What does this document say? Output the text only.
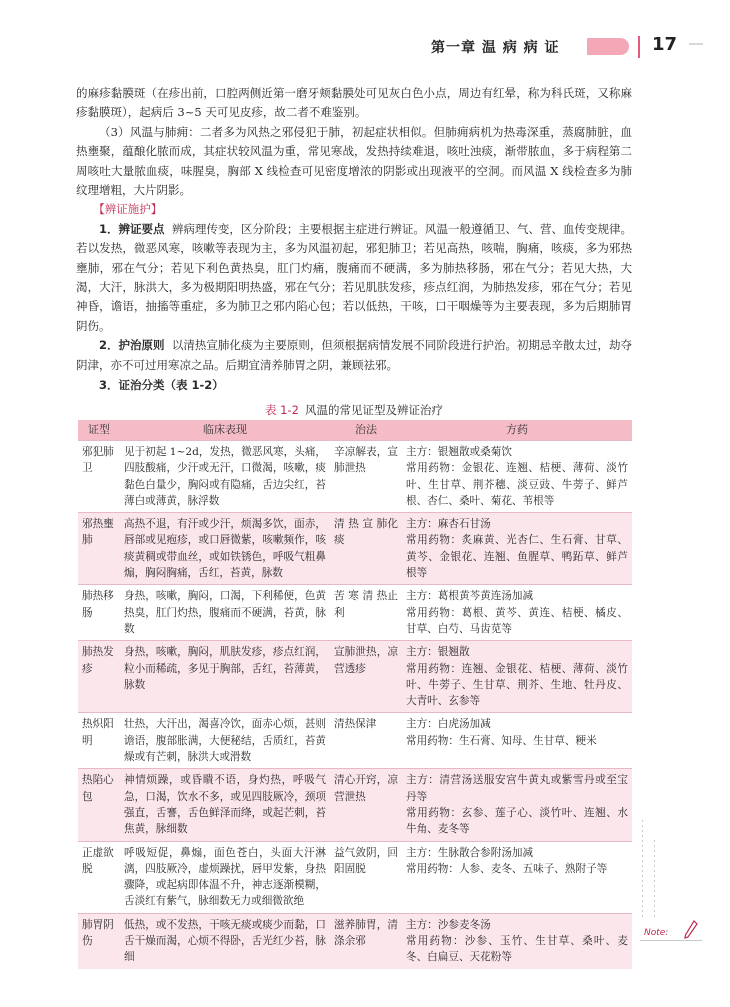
第一章 温 病 病 证	17

的麻疹黏膜斑（在疹出前，口腔两侧近第一磨牙颊黏膜处可见灰白色小点，周边有红晕，称为科氏斑，又称麻疹黏膜斑），起病后 3~5 天可见皮疹，故二者不难鉴别。

（3）风温与肺痈：二者多为风热之邪侵犯于肺，初起症状相似。但肺痈病机为热毒深重，蒸腐肺脏，血热壅聚，蕴酿化脓而成，其症状较风温为重，常见寒战，发热持续难退，咳吐浊痰，渐带脓血，多于病程第二周咳吐大量脓血痰，味腥臭，胸部 X 线检查可见密度增浓的阴影或出现液平的空洞。而风温 X 线检查多为肺纹理增粗，大片阴影。

【辨证施护】

1．辨证要点 辨病理传变，区分阶段；主要根据主症进行辨证。风温一般遵循卫、气、营、血传变规律。若以发热，微恶风寒，咳嗽等表现为主，多为风温初起，邪犯肺卫；若见高热，咳喘，胸痛，咳痰，多为邪热壅肺，邪在气分；若见下利色黄热臭，肛门灼痛，腹痛而不硬满，多为肺热移肠，邪在气分；若见大热，大渴，大汗，脉洪大，多为极期阳明热盛，邪在气分；若见肌肤发疹，疹点红润，为肺热发疹，邪在气分；若见神昏，谵语，抽搐等重症，多为肺卫之邪内陷心包；若以低热，干咳，口干咽燥等为主要表现，多为后期肺胃阴伤。

2．护治原则 以清热宣肺化痰为主要原则，但须根据病情发展不同阶段进行护治。初期忌辛散太过，劫夺阴津，亦不可过用寒凉之品。后期宜清养肺胃之阴，兼顾祛邪。

3．证治分类（表 1-2）

表 1-2 风温的常见证型及辨证治疗
证型	临床表现	治法	方药
邪犯肺卫	见于初起 1~2d，发热，微恶风寒，头痛，四肢酸痛，少汗或无汗，口微渴，咳嗽，痰黏色白量少，胸闷或有隐痛，舌边尖红，苔薄白或薄黄，脉浮数	辛凉解表，宣肺泄热	主方：银翘散或桑菊饮
常用药物：金银花、连翘、桔梗、薄荷、淡竹叶、生甘草、荆芥穗、淡豆豉、牛蒡子、鲜芦根、杏仁、桑叶、菊花、苇根等

邪热壅肺	高热不退，有汗或少汗，烦渴多饮，面赤，唇部或见疱疹，或口唇微紫，咳嗽频作，咳痰黄稠或带血丝，或如铁锈色，呼吸气粗鼻煽，胸闷胸痛，舌红，苔黄，脉数	清 热 宣 肺化痰	主方：麻杏石甘汤
常用药物：炙麻黄、光杏仁、生石膏、甘草、黄芩、金银花、连翘、鱼腥草、鸭跖草、鲜芦根等

肺热移肠	身热，咳嗽，胸闷，口渴，下利稀便，色黄热臭，肛门灼热，腹痛而不硬满，苔黄，脉数	苦 寒 清 热止利	主方：葛根黄芩黄连汤加减
常用药物：葛根、黄芩、黄连、桔梗、橘皮、甘草、白芍、马齿苋等

肺热发疹	身热，咳嗽，胸闷，肌肤发疹，疹点红润，粒小而稀疏，多见于胸部，舌红，苔薄黄，脉数	宣肺泄热，凉营透疹	主方：银翘散
常用药物：连翘、金银花、桔梗、薄荷、淡竹叶、牛蒡子、生甘草、荆芥、生地、牡丹皮、大青叶、玄参等

热炽阳明	壮热，大汗出，渴喜冷饮，面赤心烦，甚则谵语，腹部胀满，大便秘结，舌质红，苔黄燥或有芒刺，脉洪大或滑数	清热保津	主方：白虎汤加减
常用药物：生石膏、知母、生甘草、粳米

热陷心包	神情烦躁，或昏瞶不语，身灼热，呼吸气急，口渴，饮水不多，或见四肢厥冷，颈项强直，舌謇，舌色鲜泽而绛，或起芒刺，苔焦黄，脉细数	清心开窍，凉营泄热	主方：清营汤送服安宫牛黄丸或紫雪丹或至宝丹等
常用药物：玄参、莲子心、淡竹叶、连翘、水牛角、麦冬等

正虚欲脱	呼吸短促，鼻煽，面色苍白，头面大汗淋漓，四肢厥冷，虚烦躁扰，唇甲发紫，身热骤降，或起病即体温不升，神志逐渐模糊，舌淡红有紫气，脉细数无力或细微欲绝	益气敛阴，回阳固脱	主方：生脉散合参附汤加减
常用药物：人参、麦冬、五味子、熟附子等

肺胃阴伤	低热，或不发热，干咳无痰或痰少而黏，口舌干燥而渴，心烦不得卧，舌光红少苔，脉细	滋养肺胃，清涤余邪	主方：沙参麦冬汤
常用药物：沙参、玉竹、生甘草、桑叶、麦冬、白扁豆、天花粉等
Note:
